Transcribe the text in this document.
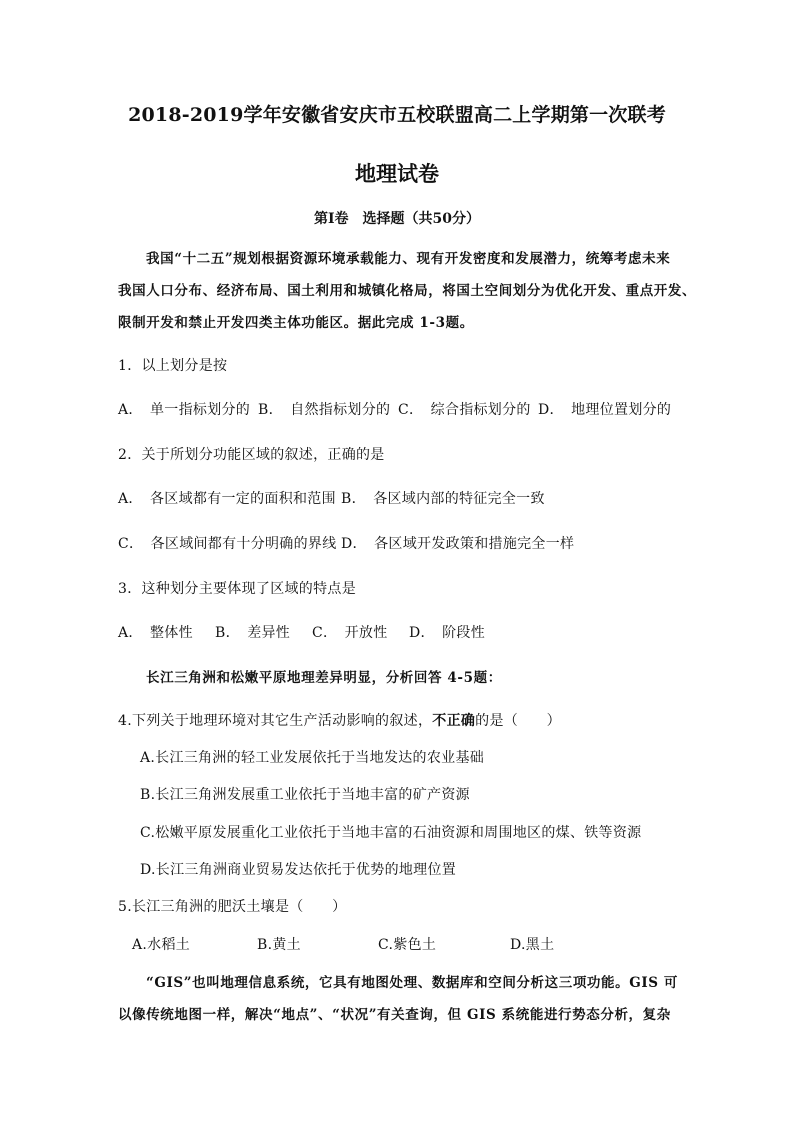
2018-2019学年安徽省安庆市五校联盟高二上学期第一次联考

地理试卷

第Ⅰ卷　选择题（共50分）

我国“十二五”规划根据资源环境承载能力、现有开发密度和发展潜力，统筹考虑未来

我国人口分布、经济布局、国土利用和城镇化格局，将国土空间划分为优化开发、重点开发、

限制开发和禁止开发四类主体功能区。据此完成 1-3题。

1．以上划分是按

A．　单一指标划分的 B．　自然指标划分的 C．　综合指标划分的 D．　地理位置划分的

2．关于所划分功能区域的叙述，正确的是

A．　各区域都有一定的面积和范围 B．　各区域内部的特征完全一致

C．　各区域间都有十分明确的界线 D．　各区域开发政策和措施完全一样

3．这种划分主要体现了区域的特点是

A．　整体性 B．　差异性 C．　开放性 D．　阶段性

长江三角洲和松嫩平原地理差异明显，分析回答 4-5题：

4.下列关于地理环境对其它生产活动影响的叙述，不正确的是（　　）

A.长江三角洲的轻工业发展依托于当地发达的农业基础

B.长江三角洲发展重工业依托于当地丰富的矿产资源

C.松嫩平原发展重化工业依托于当地丰富的石油资源和周围地区的煤、铁等资源

D.长江三角洲商业贸易发达依托于优势的地理位置

5.长江三角洲的肥沃土壤是（　　）

A.水稻土	B.黄土	C.紫色土	D.黑土

“GIS”也叫地理信息系统，它具有地图处理、数据库和空间分析这三项功能。GIS 可

以像传统地图一样，解决“地点”、“状况”有关查询，但 GIS 系统能进行势态分析，复杂
